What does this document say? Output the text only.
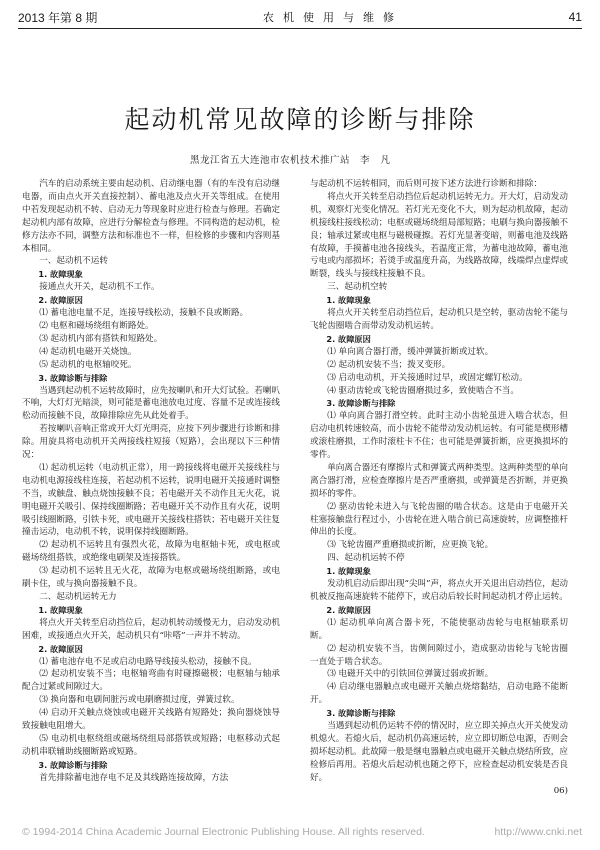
2013 年第 8 期	农机使用与维修	41
起动机常见故障的诊断与排除
黑龙江省五大连池市农机技术推广站 李 凡

汽车的启动系统主要由起动机、启动继电器（有的车没有启动继电器，而由点火开关直接控制）、蓄电池及点火开关等组成。在使用中若发现起动机不转、启动无力等现象时应进行检查与修理。若确定起动机内部有故障，应进行分解检查与修理。不同构造的起动机，检修方法亦不同，调整方法和标准也不一样，但检修的步骤和内容则基本相同。

一、起动机不运转

1. 故障现象

接通点火开关，起动机不工作。

2. 故障原因

⑴ 蓄电池电量不足，连接导线松动，接触不良或断路。

⑵ 电枢和磁场绕组有断路处。

⑶ 起动机内部有搭铁和短路处。

⑷ 起动机电磁开关烧蚀。

⑸ 起动机的电枢轴咬死。

3. 故障诊断与排除

当遇到起动机不运转故障时，应先按喇叭和开大灯试验。若喇叭不响，大灯灯光暗淡，则可能是蓄电池放电过度、容量不足或连接线松动而接触不良，故障排除应先从此处着手。

若按喇叭音响正常或开大灯光明亮，应按下列步骤进行诊断和排除。用旋具将电动机开关两接线柱短接（短路），会出现以下三种情况：

⑴ 起动机运转（电动机正常），用一跨接线将电磁开关接线柱与电动机电源接线柱连接，若起动机不运转，说明电磁开关接通时调整不当，或触盘、触点烧蚀接触不良；若电磁开关不动作且无火花，说明电磁开关吸引、保持线圈断路；若电磁开关不动作且有火花，说明吸引线圈断路，引铁卡死，或电磁开关接线柱搭铁；若电磁开关往复撞击运动，电动机不转，说明保持线圈断路。

⑵ 起动机不运转且有强烈火花，故障为电枢轴卡死，或电枢或磁场绕组搭铁，或绝缘电刷架及连接搭铁。

⑶ 起动机不运转且无火花，故障为电枢或磁场绕组断路，或电刷卡住，或与换向器接触不良。

二、起动机运转无力

1. 故障现象

将点火开关转至启动挡位后，起动机转动缓慢无力，启动发动机困难，或接通点火开关，起动机只有“咔嗒”一声并不转动。

2. 故障原因

⑴ 蓄电池存电不足或启动电路导线接头松动，接触不良。

⑵ 起动机安装不当；电枢轴弯曲有时碰擦磁极；电枢轴与轴承配合过紧或间隙过大。

⑶ 换向器和电刷间脏污或电刷磨损过度，弹簧过软。

⑷ 启动开关触点烧蚀或电磁开关线路有短路处；换向器烧蚀导致接触电阻增大。

⑸ 电动机电枢绕组或磁场绕组局部搭铁或短路；电枢移动式起动机串联辅助线圈断路或短路。

3. 故障诊断与排除

首先排除蓄电池存电不足及其线路连接故障，方法

与起动机不运转相同，而后则可按下述方法进行诊断和排除：

将点火开关转至启动挡位后起动机运转无力。开大灯，启动发动机，观察灯光变化情况。若灯光无变化不大，则为起动机故障，起动机接线柱接线松动；电枢或磁场绕组局部短路；电刷与换向器接触不良；轴承过紧或电枢与磁极碰擦。若灯光显著变暗，则蓄电池及线路有故障，手摸蓄电池各接线头，若温度正常，为蓄电池故障，蓄电池亏电或内部损坏；若烫手或温度升高，为线路故障，线端焊点虚焊或断裂，线头与接线柱接触不良。

三、起动机空转

1. 故障现象

将点火开关转至启动挡位后，起动机只是空转，驱动齿轮不能与飞轮齿圈啮合而带动发动机运转。

2. 故障原因

⑴ 单向离合器打滑，缓冲弹簧折断或过软。

⑵ 起动机安装不当；拨叉变形。

⑶ 启动电动机，开关接通时过早，或固定螺钉松动。

⑷ 驱动齿轮或飞轮齿圈磨损过多，致使啮合不当。

3. 故障诊断与排除

⑴ 单向离合器打滑空转。此时主动小齿轮虽进入啮合状态，但启动电机转速较高，而小齿轮不能带动发动机运转。有可能是楔形槽或滚柱磨损，工作时滚柱卡不住；也可能是弹簧折断，应更换损坏的零件。

单向离合器还有摩擦片式和弹簧式两种类型。这两种类型的单向离合器打滑，应检查摩擦片是否严重磨损，或弹簧是否折断，并更换损坏的零件。

⑵ 驱动齿轮未进入与飞轮齿圈的啮合状态。这是由于电磁开关柱塞接触盘行程过小，小齿轮在进入啮合前已高速旋转，应调整推杆伸出的长度。

⑶ 飞轮齿圈严重磨损或折断，应更换飞轮。

四、起动机运转不停

1. 故障现象

发动机启动后即出现“尖叫”声，将点火开关退出启动挡位，起动机被反拖高速旋转不能停下，或启动后较长时间起动机才停止运转。

2. 故障原因

⑴ 起动机单向离合器卡死，不能使驱动齿轮与电枢轴联系切断。

⑵ 起动机安装不当，齿侧间隙过小，造成驱动齿轮与飞轮齿圈一直处于啮合状态。

⑶ 电磁开关中的引铁回位弹簧过弱或折断。

⑷ 启动继电器触点或电磁开关触点烧熔黏结，启动电路不能断开。

3. 故障诊断与排除

当遇到起动机仍运转不停的情况时，应立即关掉点火开关使发动机熄火。若熄火后，起动机仍高速运转，应立即切断总电源，否则会损坏起动机。此故障一般是继电器触点或电磁开关触点烧结所致，应检修后再用。若熄火后起动机也随之停下，应检查起动机安装是否良好。

06)

© 1994-2014 China Academic Journal Electronic Publishing House. All rights reserved.	http://www.cnki.net
